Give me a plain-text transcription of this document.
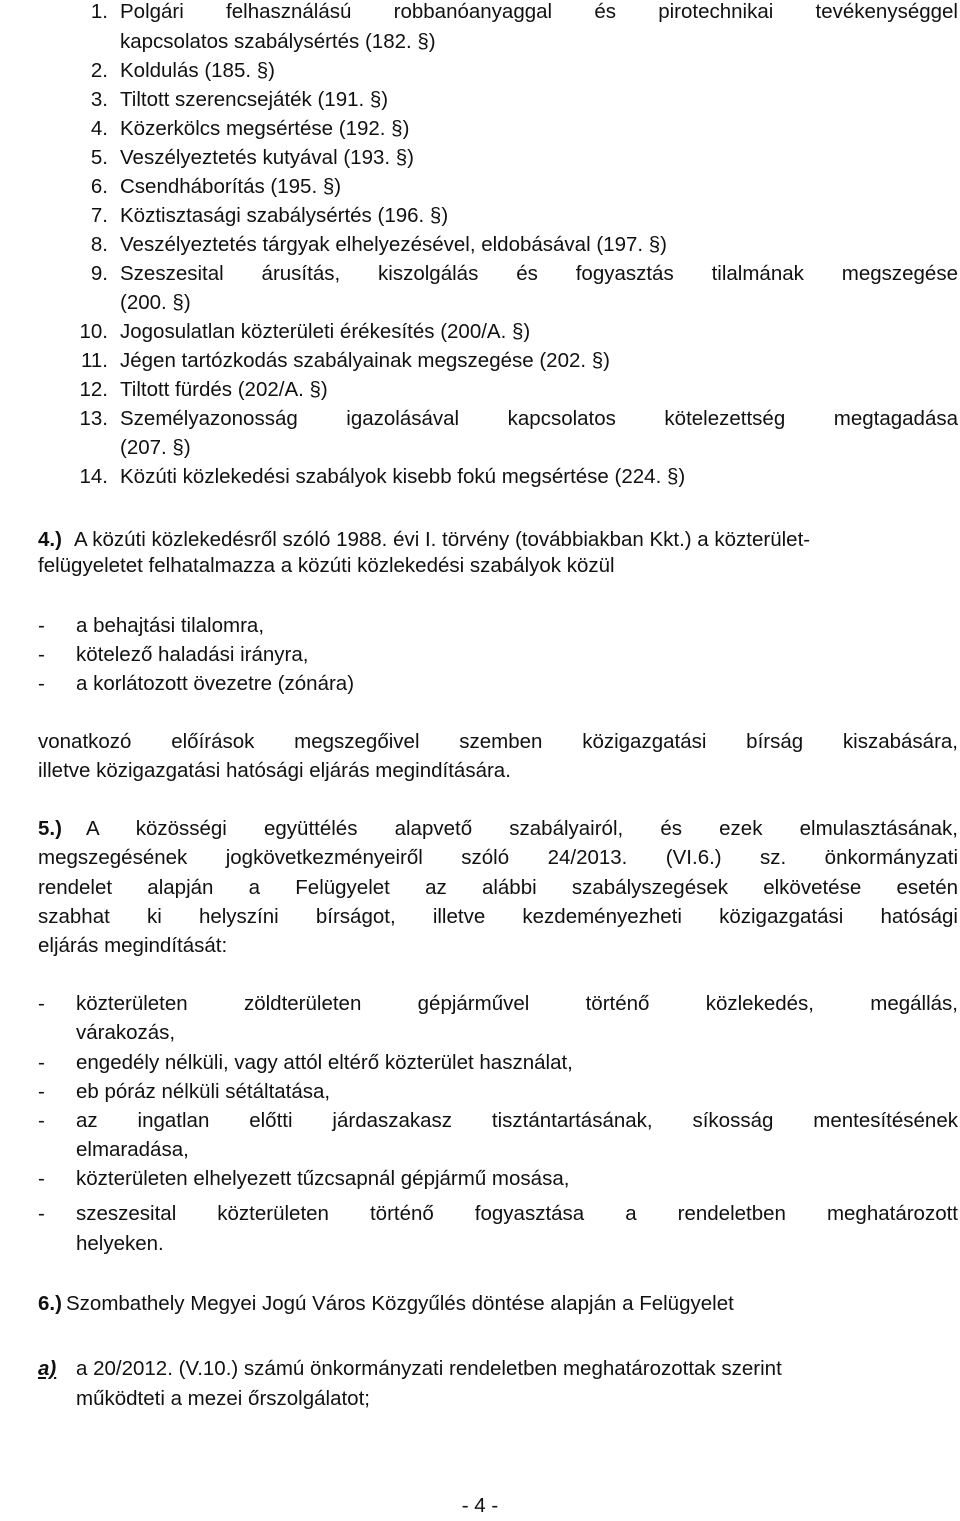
1. Polgári felhasználású robbanóanyaggal és pirotechnikai tevékenységgel
kapcsolatos szabálysértés (182. §)
2. Koldulás (185. §)
3. Tiltott szerencsejáték (191. §)
4. Közerkölcs megsértése (192. §)
5. Veszélyeztetés kutyával (193. §)
6. Csendháborítás (195. §)
7. Köztisztasági szabálysértés (196. §)
8. Veszélyeztetés tárgyak elhelyezésével, eldobásával (197. §)
9. Szeszesital árusítás, kiszolgálás és fogyasztás tilalmának megszegése
(200. §)
10. Jogosulatlan közterületi érékesítés (200/A. §)
11. Jégen tartózkodás szabályainak megszegése (202. §)
12. Tiltott fürdés (202/A. §)
13. Személyazonosság igazolásával kapcsolatos kötelezettség megtagadása
(207. §)
14. Közúti közlekedési szabályok kisebb fokú megsértése (224. §)
4.) A közúti közlekedésről szóló 1988. évi I. törvény (továbbiakban Kkt.) a közterület-
felügyeletet felhatalmazza a közúti közlekedési szabályok közül
- a behajtási tilalomra,
- kötelező haladási irányra,
- a korlátozott övezetre (zónára)
vonatkozó előírások megszegőivel szemben közigazgatási bírság kiszabására,
illetve közigazgatási hatósági eljárás megindítására.
5.) A közösségi együttélés alapvető szabályairól, és ezek elmulasztásának,
megszegésének jogkövetkezményeiről szóló 24/2013. (VI.6.) sz. önkormányzati
rendelet alapján a Felügyelet az alábbi szabályszegések elkövetése esetén
szabhat ki helyszíni bírságot, illetve kezdeményezheti közigazgatási hatósági
eljárás megindítását:
- közterületen zöldterületen gépjárművel történő közlekedés, megállás,
várakozás,
- engedély nélküli, vagy attól eltérő közterület használat,
- eb póráz nélküli sétáltatása,
- az ingatlan előtti járdaszakasz tisztántartásának, síkosság mentesítésének
elmaradása,
- közterületen elhelyezett tűzcsapnál gépjármű mosása,
- szeszesital közterületen történő fogyasztása a rendeletben meghatározott
helyeken.
6.) Szombathely Megyei Jogú Város Közgyűlés döntése alapján a Felügyelet
a) a 20/2012. (V.10.) számú önkormányzati rendeletben meghatározottak szerint
működteti a mezei őrszolgálatot;
- 4 -
